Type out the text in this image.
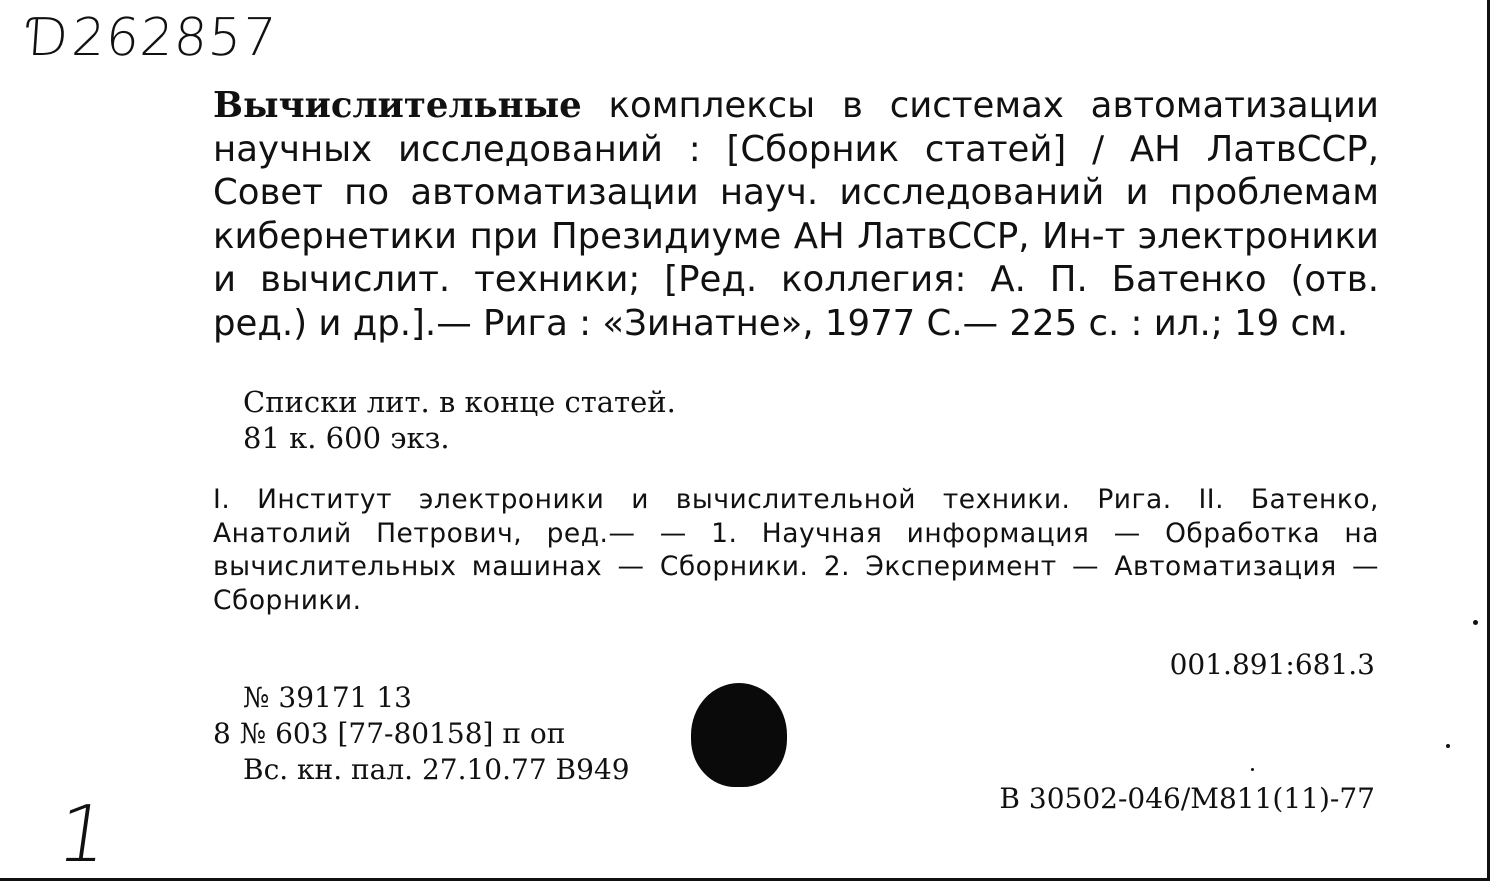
Ɗ262857
Вычислительные комплексы в системах автоматизации научных исследований : [Сборник статей] / АН ЛатвССР, Совет по автоматизации науч. исследований и проблемам кибернетики при Президиуме АН ЛатвССР, Ин-т электроники и вычислит. техники; [Ред. коллегия: А. П. Батенко (отв. ред.) и др.].— Рига : «Зинатне», 1977 С.— 225 с. : ил.; 19 см.
Списки лит. в конце статей.
81 к. 600 экз.
I. Институт электроники и вычислительной техники. Рига. II. Батенко, Анатолий Петрович, ред.— — 1. Научная информация — Обработка на вычислительных машинах — Сборники. 2. Эксперимент — Автоматизация — Сборники.
001.891:681.3
№ 39171 13
8 № 603 [77-80158] п оп
Вс. кн. пал. 27.10.77 В949
В 30502-046/М811(11)-77
1
